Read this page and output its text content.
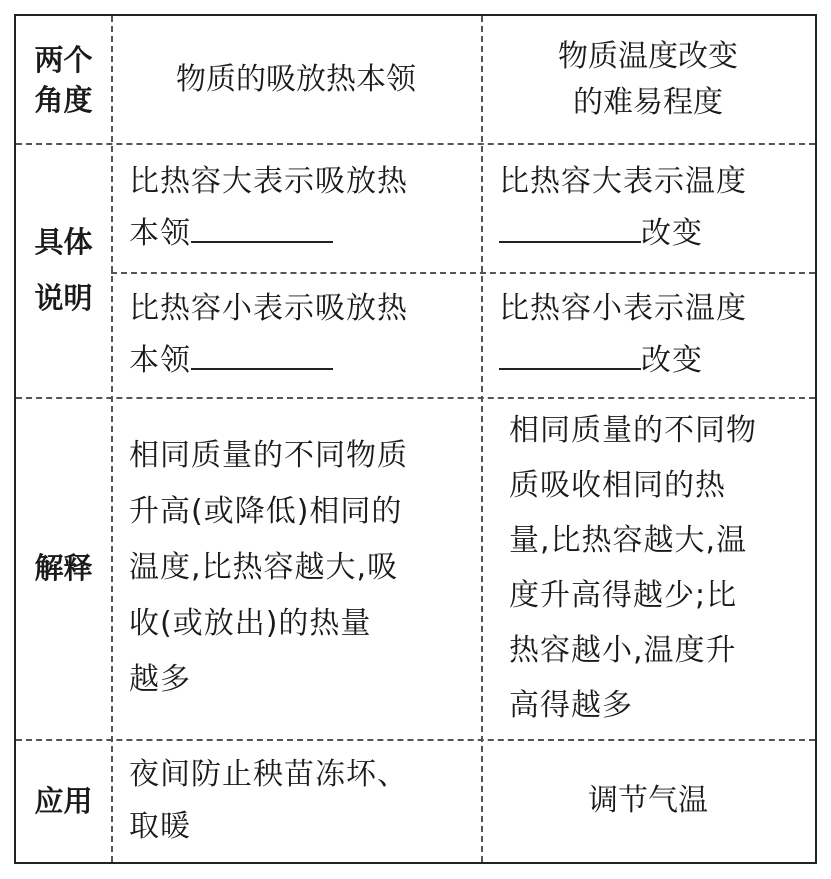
两个
角度
物质的吸放热本领
物质温度改变
的难易程度
具体
说明
比热容大表示吸放热
本领
比热容大表示温度
改变
比热容小表示吸放热
本领
比热容小表示温度
改变
解释
相同质量的不同物质
升高(或降低)相同的
温度,比热容越大,吸
收(或放出)的热量
越多
相同质量的不同物
质吸收相同的热
量,比热容越大,温
度升高得越少;比
热容越小,温度升
高得越多
应用
夜间防止秧苗冻坏、
取暖
调节气温
